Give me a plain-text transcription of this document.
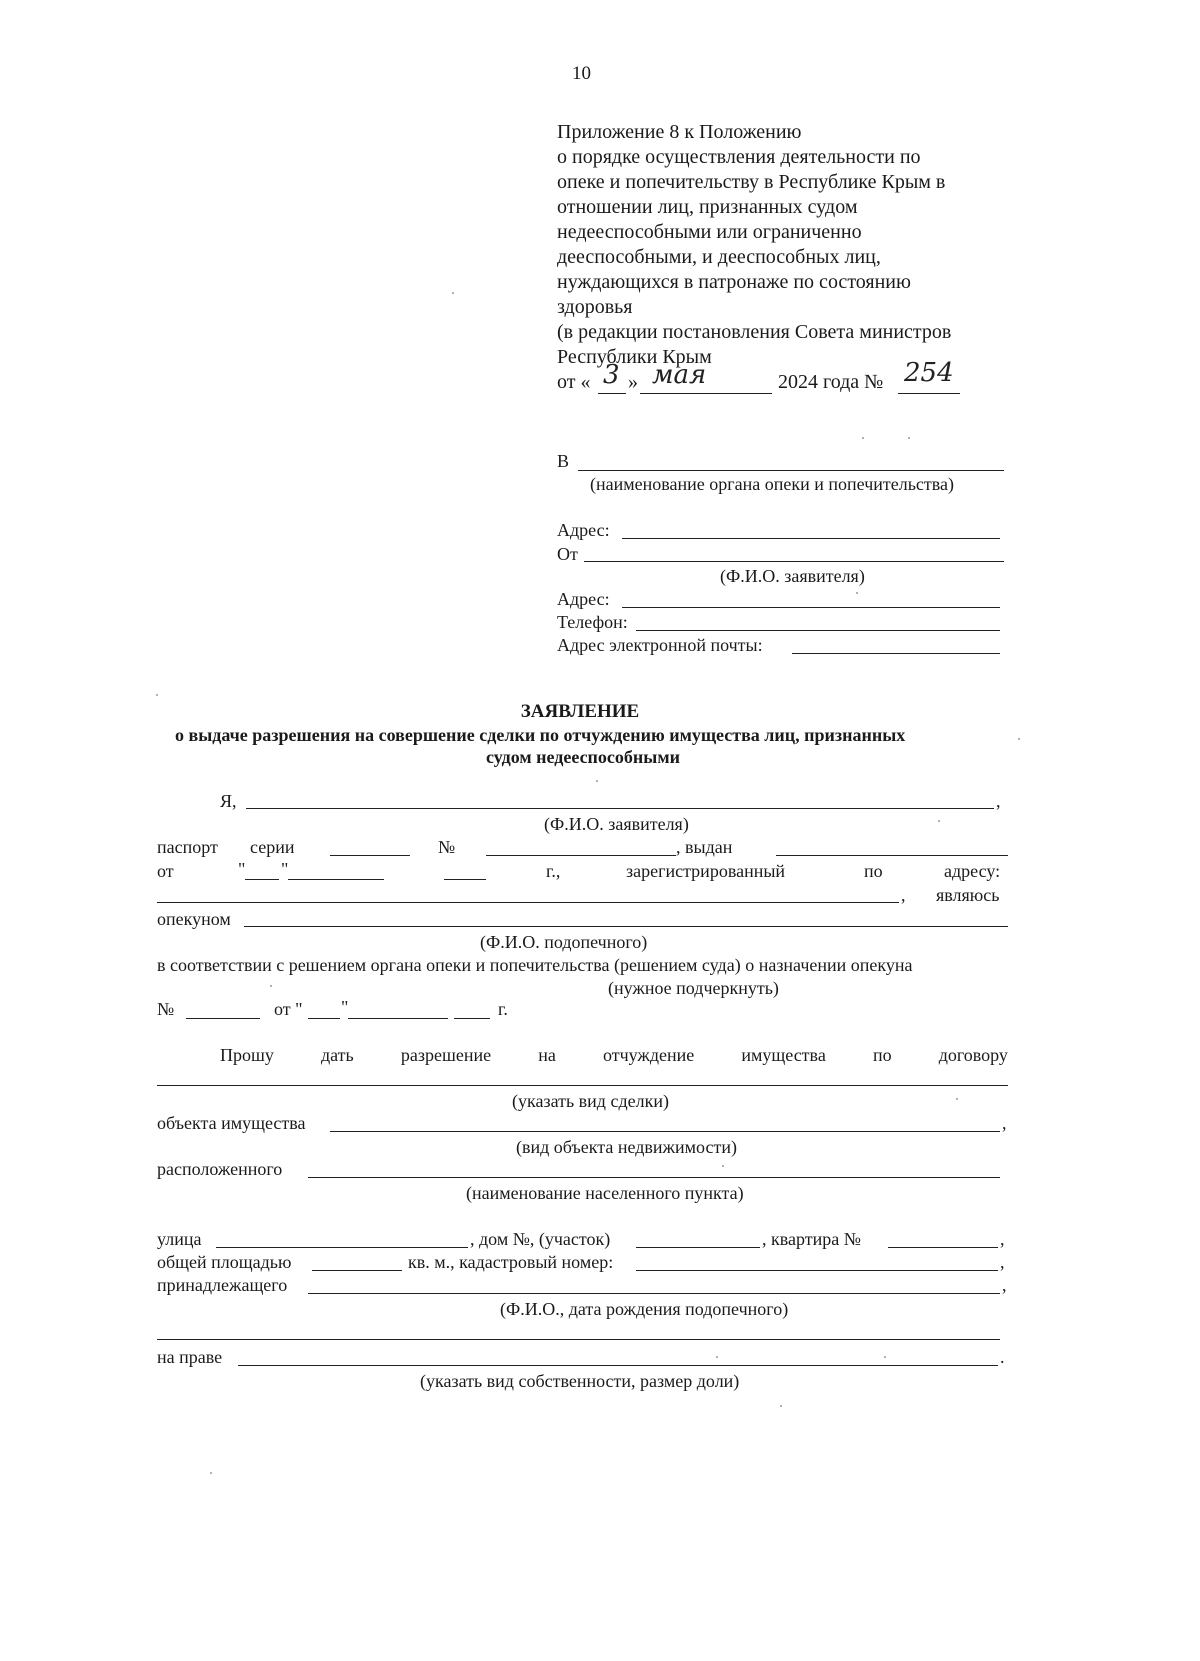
10
Приложение 8 к Положению
о порядке осуществления деятельности по
опеке и попечительству в Республике Крым в
отношении лиц, признанных судом
недееспособными или ограниченно
дееспособными, и дееспособных лиц,
нуждающихся в патронаже по состоянию
здоровья
(в редакции постановления Совета министров
Республики Крым
от « 3 » мая	2024 года № 254
В
(наименование органа опеки и попечительства)
Адрес:
От
(Ф.И.О. заявителя)
Адрес:
Телефон:
Адрес электронной почты:
ЗАЯВЛЕНИЕ
о выдаче разрешения на совершение сделки по отчуждению имущества лиц, признанных
судом недееспособными
Я,	,
(Ф.И.О. заявителя)
паспорт серии	№	, выдан
от	" "	г.,	зарегистрированный	по	адресу:
, являюсь
опекуном
(Ф.И.О. подопечного)
в соответствии с решением органа опеки и попечительства (решением суда) о назначении опекуна
(нужное подчеркнуть)
№	от " "	г.
Прошу	дать	разрешение	на	отчуждение	имущества	по	договору
(указать вид сделки)
объекта имущества	,
(вид объекта недвижимости)
расположенного
(наименование населенного пункта)
улица	, дом №, (участок)	, квартира №	,
общей площадью	кв. м., кадастровый номер:	,
принадлежащего	,
(Ф.И.О., дата рождения подопечного)
на праве	.
(указать вид собственности, размер доли)
